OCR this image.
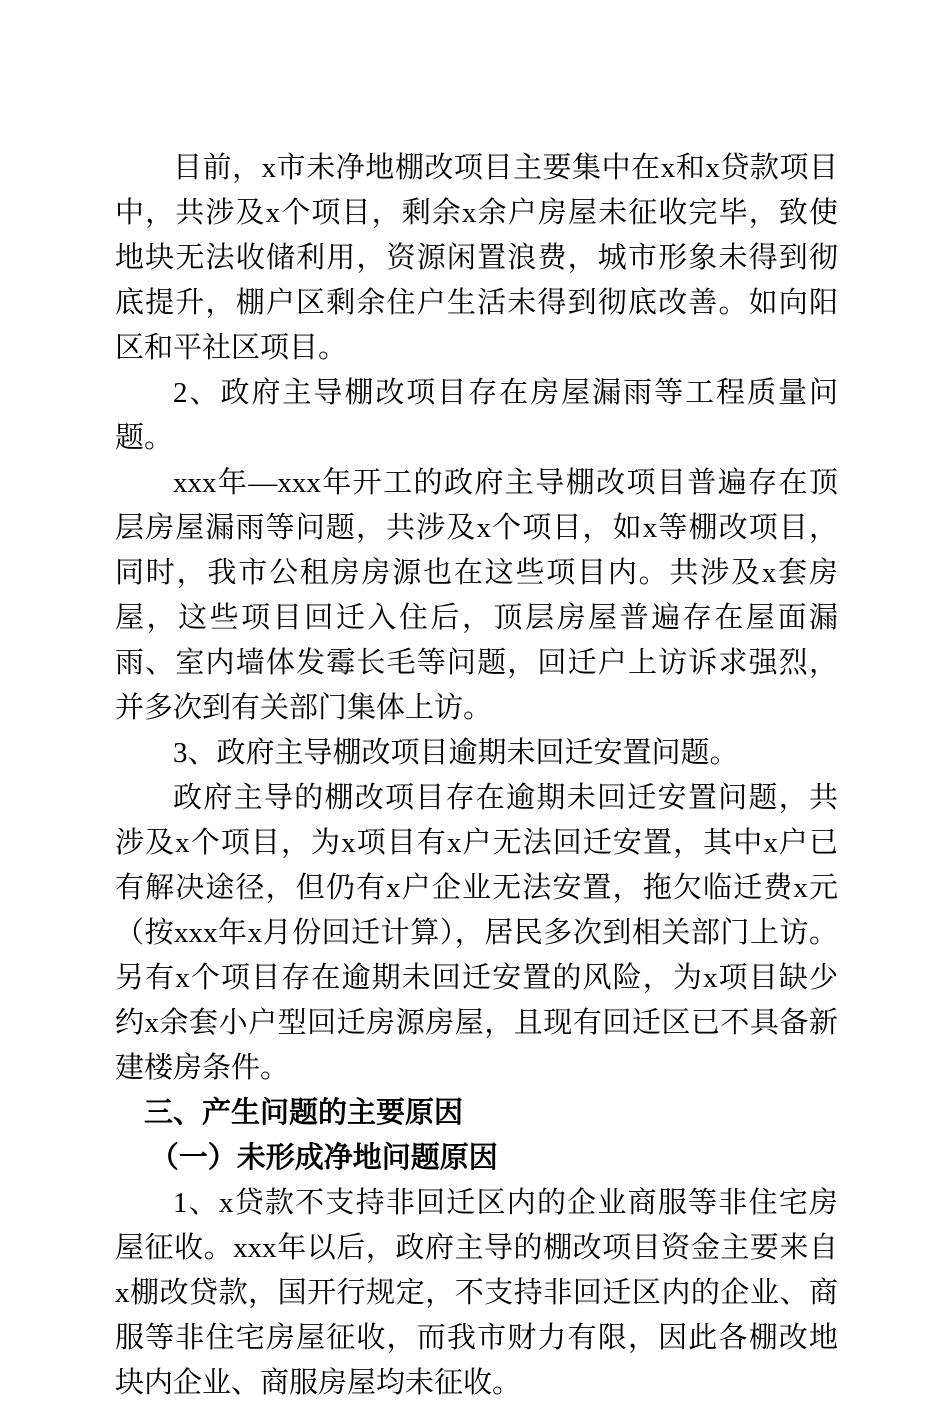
目前，x市未净地棚改项目主要集中在x和x贷款项目中，共涉及x个项目，剩余x余户房屋未征收完毕，致使地块无法收储利用，资源闲置浪费，城市形象未得到彻底提升，棚户区剩余住户生活未得到彻底改善。如向阳区和平社区项目。

2、政府主导棚改项目存在房屋漏雨等工程质量问题。

xxx年—xxx年开工的政府主导棚改项目普遍存在顶层房屋漏雨等问题，共涉及x个项目，如x等棚改项目，同时，我市公租房房源也在这些项目内。共涉及x套房屋，这些项目回迁入住后，顶层房屋普遍存在屋面漏雨、室内墙体发霉长毛等问题，回迁户上访诉求强烈，并多次到有关部门集体上访。

3、政府主导棚改项目逾期未回迁安置问题。

政府主导的棚改项目存在逾期未回迁安置问题，共涉及x个项目，为x项目有x户无法回迁安置，其中x户已有解决途径，但仍有x户企业无法安置，拖欠临迁费x元（按xxx年x月份回迁计算），居民多次到相关部门上访。另有x个项目存在逾期未回迁安置的风险，为x项目缺少约x余套小户型回迁房源房屋，且现有回迁区已不具备新建楼房条件。

三、产生问题的主要原因

（一）未形成净地问题原因

1、x贷款不支持非回迁区内的企业商服等非住宅房屋征收。xxx年以后，政府主导的棚改项目资金主要来自x棚改贷款，国开行规定，不支持非回迁区内的企业、商服等非住宅房屋征收，而我市财力有限，因此各棚改地块内企业、商服房屋均未征收。
